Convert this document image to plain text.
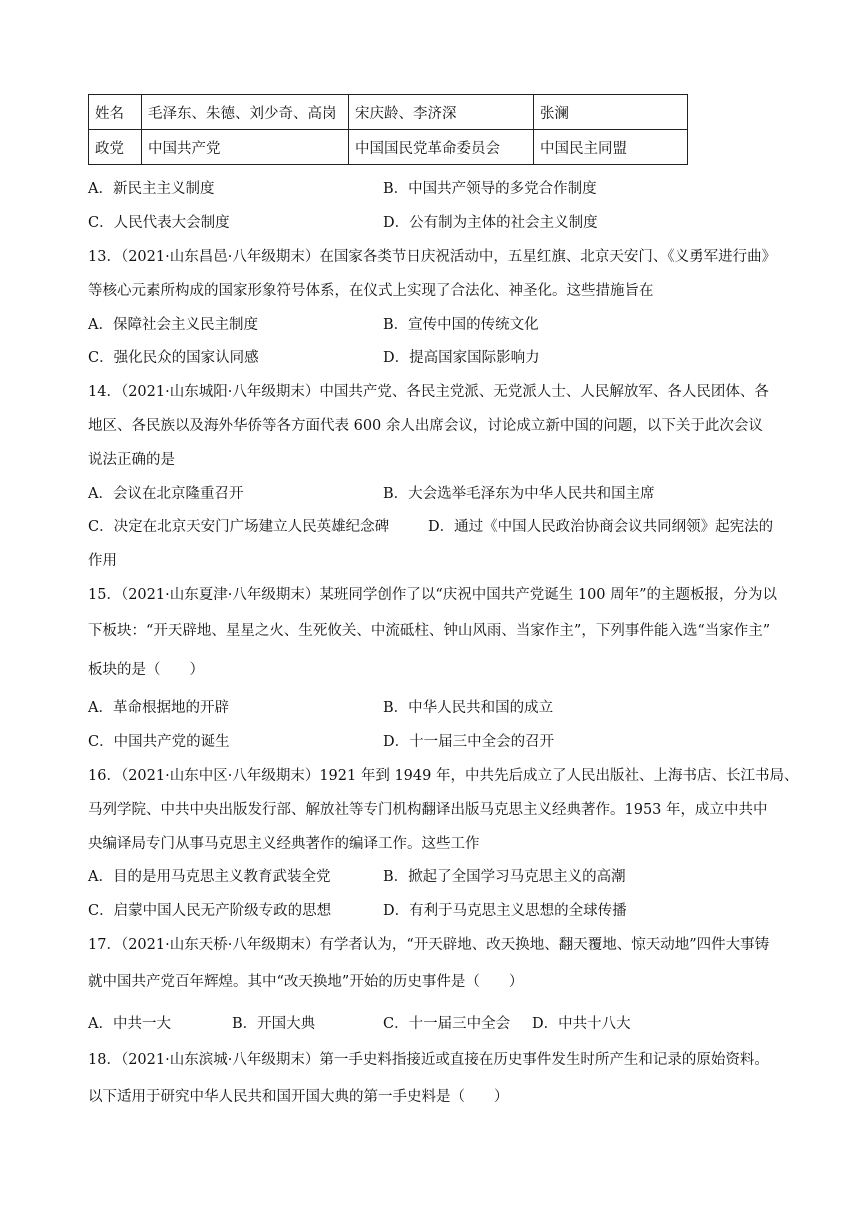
姓名	毛泽东、朱德、刘少奇、高岗	宋庆龄、李济深	张澜
政党	中国共产党	中国国民党革命委员会	中国民主同盟
A．新民主主义制度	B．中国共产领导的多党合作制度
C．人民代表大会制度	D．公有制为主体的社会主义制度
13．（2021·山东昌邑·八年级期末）在国家各类节日庆祝活动中，五星红旗、北京天安门、《义勇军进行曲》
等核心元素所构成的国家形象符号体系，在仪式上实现了合法化、神圣化。这些措施旨在
A．保障社会主义民主制度	B．宣传中国的传统文化
C．强化民众的国家认同感	D．提高国家国际影响力
14．（2021·山东城阳·八年级期末）中国共产党、各民主党派、无党派人士、人民解放军、各人民团体、各
地区、各民族以及海外华侨等各方面代表 600 余人出席会议，讨论成立新中国的问题，以下关于此次会议
说法正确的是
A．会议在北京隆重召开	B．大会选举毛泽东为中华人民共和国主席
C．决定在北京天安门广场建立人民英雄纪念碑	D．通过《中国人民政治协商会议共同纲领》起宪法的
作用
15．（2021·山东夏津·八年级期末）某班同学创作了以“庆祝中国共产党诞生 100 周年”的主题板报，分为以
下板块：“开天辟地、星星之火、生死攸关、中流砥柱、钟山风雨、当家作主”，下列事件能入选“当家作主”
板块的是（　　）
A．革命根据地的开辟	B．中华人民共和国的成立
C．中国共产党的诞生	D．十一届三中全会的召开
16．（2021·山东中区·八年级期末）1921 年到 1949 年，中共先后成立了人民出版社、上海书店、长江书局、
马列学院、中共中央出版发行部、解放社等专门机构翻译出版马克思主义经典著作。1953 年，成立中共中
央编译局专门从事马克思主义经典著作的编译工作。这些工作
A．目的是用马克思主义教育武装全党	B．掀起了全国学习马克思主义的高潮
C．启蒙中国人民无产阶级专政的思想	D．有利于马克思主义思想的全球传播
17．（2021·山东天桥·八年级期末）有学者认为，“开天辟地、改天换地、翻天覆地、惊天动地”四件大事铸
就中国共产党百年辉煌。其中“改天换地”开始的历史事件是（　　）
A．中共一大	B．开国大典	C．十一届三中全会 D．中共十八大
18．（2021·山东滨城·八年级期末）第一手史料指接近或直接在历史事件发生时所产生和记录的原始资料。
以下适用于研究中华人民共和国开国大典的第一手史料是（　　）
